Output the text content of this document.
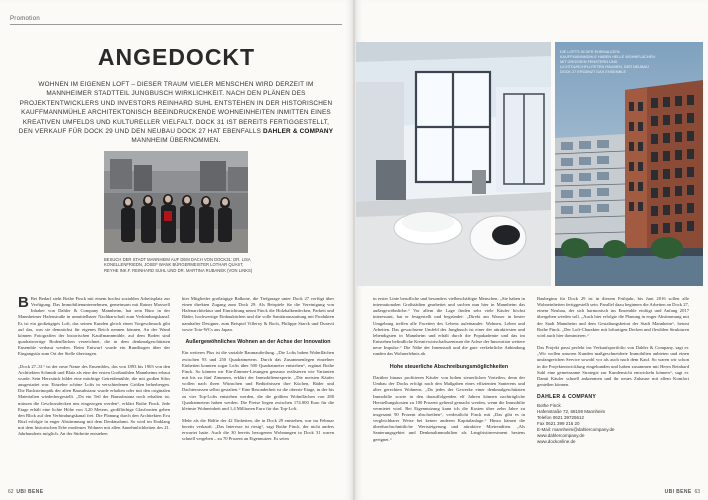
Promotion
ANGEDOCKT
WOHNEN IM EIGENEN LOFT – DIESER TRAUM VIELER MENSCHEN WIRD DERZEIT IM MANNHEIMER STADTTEIL JUNGBUSCH WIRKLICHKEIT. NACH DEN PLÄNEN DES PROJEKTENTWICKLERS UND INVESTORS REINHARD SUHL ENTSTEHEN IN DER HISTORISCHEN KAUFFMANNMÜHLE ARCHITEKTONISCH BEEINDRUCKENDE WOHNEINHEITEN INMITTEN EINES KREATIVEN UMFELDS UND KULTURELLER VIELFALT. DOCK 31 IST BEREITS FERTIGGESTELLT, DEN VERKAUF FÜR DOCK 29 UND DEN NEUBAU DOCK 27 HAT EBENFALLS DAHLER & COMPANY MANNHEIM ÜBERNOMMEN.
BESUCH DER STADT MANNHEIM AUF DEM DACH VON DOCK31: DR. LISA KONELLENFRIEDN, JOSEF WANK BÜRGERMEISTER LOTHAR QUAST, REYHE INK.F. REINHARD SUHL UND DR. MARTINA RUBANEK (VON LINKS)

B Bei Bedarf steht Bothe Finck mit einem hochst soziablen Arbeitsplatz zur Verfügung. Das Immobilienunternehmen, gemeinsam mit Rainer Maxwell Inhaber von Dahler & Company Mannheim, hat sein Büro in der Mannheimer Hafenstraße in unmittelbarer Nachbarschaft zum Verbindungskanal. Es ist ein großzügiges Loft, das seinen Kunden gleich einen Vorgeschmack gibt auf das, was sie demnächst für eigenes Reich nennen können. An der Wand können Fotografien der historischen Kauffmannmühle, auf dem Boden sind quadratwertige Bodenflächen verzeichnet, die in dem denkmalgeschützten Ensemble verbaut werden. Beim Entwurf wurde ein Rundbogen über der Eingangstür zum Ort der Stelle übertragen.

„Dock 27–31“ ist der neue Name des Ensembles, das von 1893 bis 1903 von den Architekten Schmidt und Blatz als eine der ersten Großmühlen Mannheims erbaut wurde. Sein Herzstück bildet eine mächtige Getreidemühle, die mit großen Silos ausgestattet war. Einzelne schöne Lofts in verschiedenen Größen beherbergen. Die Backsteinoptik der alten Bausubstanz wurde erhalten oder mit den originalen Materialien wiederhergestellt. „Da ein Teil der Bausubstanz noch erhalten ist, müssen die Geschossdecken neu eingezogen werden“, erklärt Bothe Finck. Jede Etage erhält eine lichte Höhe von 3,20 Metern, großflächige Glasfronten geben den Blick auf den Verbindungskanal frei. Die Planung durch den Architekten Eva Ritzl erfolgte in enger Abstimmung mit dem Denkmalamt. So wird im Einklang mit dem historischen Erbe modernes Wohnen mit allen Annehmlichkeiten des 21. Jahrhunderts möglich. An der Südseite entstehen

hier Mitglieder großzügige Balkone, die Tiefgarage unter Dock 27 verfügt über einen direkten Zugang zum Dock 29. Als Beispiele für die Vereinigung von Hafenarchitektur und Einrichtung nennt Finck die Holzbalkendecken, Parkett und Bäder, hochwertige Einbauküchen und die volle Sanitärausstattung mit Produkten namhafter Designer, zum Beispiel Villeroy & Boch, Philippe Starck und Duravit sowie Toto-WCs aus Japan.

Außergewöhnliches Wohnen an der Achse der Innovation

Ein weiteres Plus ist die variable Raumaufteilung. „Die Lofts haben Wohnflächen zwischen 93 und 250 Quadratmetern. Durch das Zusammenlegen einzelner Einheiten konnten sogar Lofts über 500 Quadratmeter entstehen“, ergänzt Bothe Finck. So können wir Ein-Zimmer-Lösungen genauso realisieren wie Varianten mit bis zu fünf Zimmern, erklärt der Immobilienexperte. „Die meisten Käufer wollen nach ihren Wünschen und Bedürfnissen ihre Küchen, Bäder und Dachterrassen selbst gestalten.“ Eine Besonderheit ist die oberste Etage, in der bis zu vier Top-Lofts entstehen werden, die die größten Wohnflächen von 280 Quadratmetern haben werden. Die Preise liegen zwischen 174.000 Euro für die kleinste Wohneinheit und 1,4 Millionen Euro für das Top-Loft.

Mehr als die Hälfte der 42 Einheiten, die in Dock 29 entstehen, war im Februar bereits verkauft. „Das Interesse ist riesig“, sagt Bothe Finck, der nicht anders erwartet hatte. Auch die 30 bereits bezogenen Wohnungen in Dock 31 waren schnell vergeben – zu 70 Prozent an Eigennutzer. Es seien

62 UBI BENE
DIE LOFTS IN DER EHEMALIGEN KAUFFMANNMÜHLE HABEN HELLE WOHNFLÄCHEN MIT GROSSEN FENSTERN UND LICHTDURCHFLUTETEN RÄUMEN, DER NEUBAU DOCK 27 ERGÄNZT DAS ENSEMBLE

in erster Linie berufliche und besonders vielbeschäftigte Menschen. „Sie haben in internationalen Großstädten gearbeitet und suchen nun hier in Mannheim das außergewöhnliche.“ Vor allem die Lage finden sehr viele Käufer höchst interessant, hat er festgestellt und begründet: „Direkt am Wasser in bester Umgebung treffen alle Facetten des Lebens aufeinander. Wohnen, Leben und Arbeiten. Das gewachsene Umfeld des Jungbusch ist einer der attraktivsten und lebendigsten in Mannheim und erhält durch die Popakademie und das im Entstehen befindliche Kreativwirtschaftszentrum die Achse der Innovation weitere neue Impulse.“ Die Nähe der Innenstadt und die gute verkehrliche Anbindung runden das Wohnerlebnis ab.

Hohe steuerliche Abschreibungsmöglichkeiten

Darüber hinaus profitieren Käufer von hohen steuerlichen Vorteilen, denn der Umbau der Docks erfolgt nach den Maßgaben eines effizienten Sanierens und alter gerechten Wohnens. „Da jedes der Gewerke einer denkmalgeschützten Immobilie sowie in den darauffolgenden elf Jahren können nachträgliche Herstellungskosten zu 100 Prozent geltend gemacht werden, wenn die Immobilie vermietet wird. Bei Eigennutzung kann ich die Kosten über zehn Jahre zu insgesamt 90 Prozent abschreiben“, verdeutlicht Finck mit „Das gibt es in vergleichbarer Weise bei keiner anderen Kapitalanlage.“ Hinzu kämen die überdurchschnittliche Wertsteigerung und attraktive Mietrenditen. „Als Sanierungsgebiet und Denkmalimmobilien als Langfristinvestment bestens geeignet.“

Baubeginn für Dock 29 ist in diesem Frühjahr, bis Juni 2016 sollen alle Wohneinheiten fertiggestellt sein. Parallel dazu beginnen die Arbeiten an Dock 27, einem Neubau, der sich harmonisch ins Ensemble einfügt und Anfang 2017 übergeben werden soll. „Auch hier erfolgte die Planung in enger Abstimmung mit der Stadt Mannheim und dem Gestaltungsbeirat der Stadt Mannheim“, betont Bothe Finck. „Der Loft-Charakter mit loftartigen Decken und flexiblen Strukturen wird auch hier dominieren.“

Das Projekt passt perfekt ins Verkaufsportfolio von Dahler & Company, sagt er. „Wir wollen unseren Kunden maßgeschneiderte Immobilien anbieten und einen umfangreichen Service sowohl vor als auch nach dem Kauf. So waren wir schon in die Projektentwicklung eingebunden und haben zusammen mit Herrn Reinhard Suhl eine gemeinsame Strategie zur Kundensicht entwickeln können“, sagt er. Damit Käufer schnell ankommen und ihr neues Zuhause mit allem Komfort genießen können.

DAHLER & COMPANY
Bothe Finck
Hafenstraße 72, 68159 Mannheim
Telefon 0621 39725612
Fax 0621 399 216 20
E-Mail: mannheim@dahlercompany.de
www.dahlercompany.de
www.dockonline.de
UBI BENE 63
